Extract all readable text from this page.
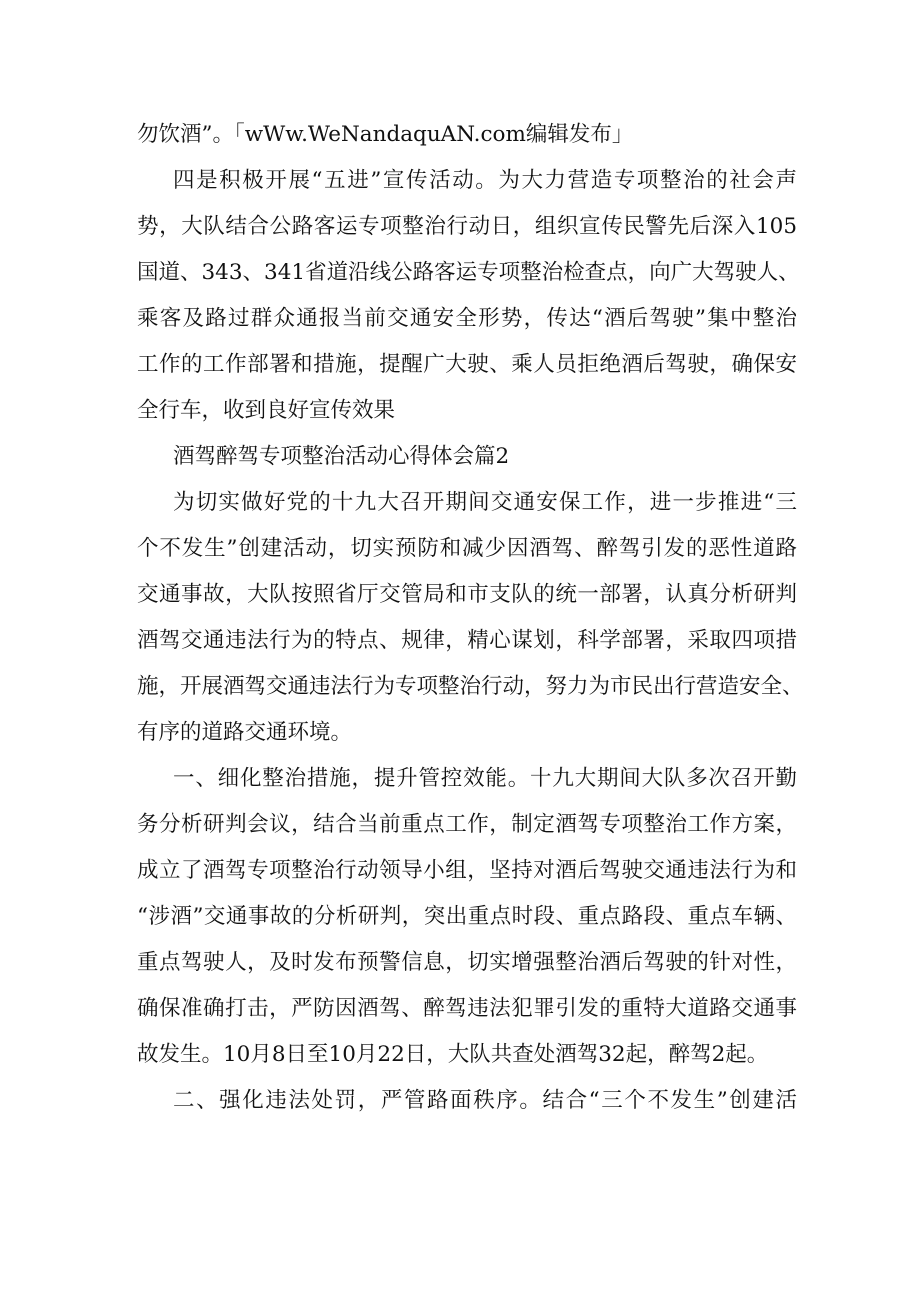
勿饮酒”。「wWw.WeNandaquAN.com编辑发布」
四是积极开展“五进”宣传活动。为大力营造专项整治的社会声
势，大队结合公路客运专项整治行动日，组织宣传民警先后深入105
国道、343、341省道沿线公路客运专项整治检查点，向广大驾驶人、
乘客及路过群众通报当前交通安全形势，传达“酒后驾驶”集中整治
工作的工作部署和措施，提醒广大驶、乘人员拒绝酒后驾驶，确保安
全行车，收到良好宣传效果
酒驾醉驾专项整治活动心得体会篇2
为切实做好党的十九大召开期间交通安保工作，进一步推进“三
个不发生”创建活动，切实预防和减少因酒驾、醉驾引发的恶性道路
交通事故，大队按照省厅交管局和市支队的统一部署，认真分析研判
酒驾交通违法行为的特点、规律，精心谋划，科学部署，采取四项措
施，开展酒驾交通违法行为专项整治行动，努力为市民出行营造安全、
有序的道路交通环境。
一、细化整治措施，提升管控效能。十九大期间大队多次召开勤
务分析研判会议，结合当前重点工作，制定酒驾专项整治工作方案，
成立了酒驾专项整治行动领导小组，坚持对酒后驾驶交通违法行为和
“涉酒”交通事故的分析研判，突出重点时段、重点路段、重点车辆、
重点驾驶人，及时发布预警信息，切实增强整治酒后驾驶的针对性，
确保准确打击，严防因酒驾、醉驾违法犯罪引发的重特大道路交通事
故发生。10月8日至10月22日，大队共查处酒驾32起，醉驾2起。
二、强化违法处罚，严管路面秩序。结合“三个不发生”创建活
